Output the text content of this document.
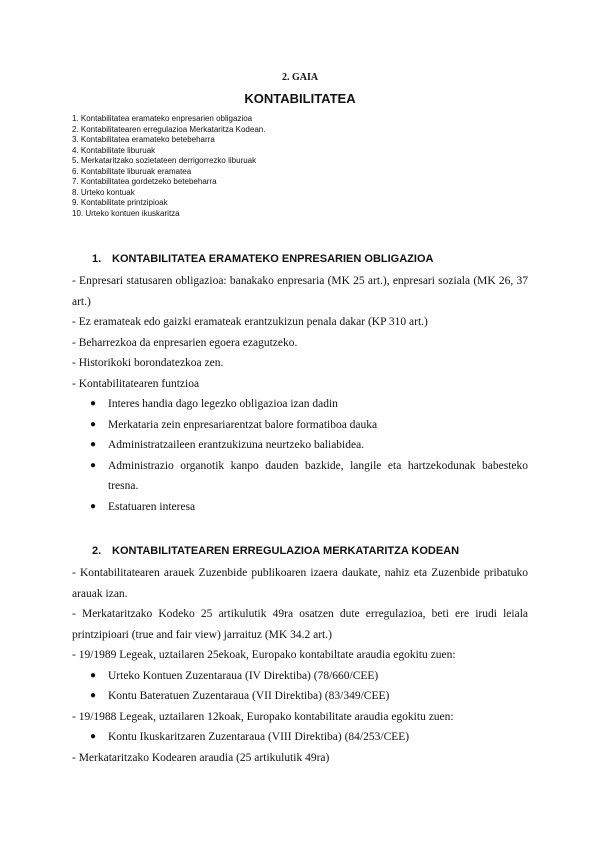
2. GAIA
KONTABILITATEA
1. Kontabilitatea eramateko enpresarien obligazioa
2. Kontabilitatearen erregulazioa Merkataritza Kodean.
3. Kontabilitatea eramateko betebeharra
4. Kontabilitate liburuak
5. Merkataritzako sozietateen derrigorrezko liburuak
6. Kontabilitate liburuak eramatea
7. Kontabilitatea gordetzeko betebeharra
8. Urteko kontuak
9. Kontabilitate printzipioak
10. Urteko kontuen ikuskaritza
1. KONTABILITATEA ERAMATEKO ENPRESARIEN OBLIGAZIOA

- Enpresari statusaren obligazioa: banakako enpresaria (MK 25 art.), enpresari soziala (MK 26, 37 art.)

- Ez eramateak edo gaizki eramateak erantzukizun penala dakar (KP 310 art.)

- Beharrezkoa da enpresarien egoera ezagutzeko.

- Historikoki borondatezkoa zen.

- Kontabilitatearen funtzioa

● Interes handia dago legezko obligazioa izan dadin
● Merkataria zein enpresariarentzat balore formatiboa dauka
● Administratzaileen erantzukizuna neurtzeko baliabidea.
● Administrazio organotik kanpo dauden bazkide, langile eta hartzekodunak babesteko tresna.
● Estatuaren interesa
2. KONTABILITATEAREN ERREGULAZIOA MERKATARITZA KODEAN

- Kontabilitatearen arauek Zuzenbide publikoaren izaera daukate, nahiz eta Zuzenbide pribatuko arauak izan.

- Merkataritzako Kodeko 25 artikulutik 49ra osatzen dute erregulazioa, beti ere irudi leiala printzipioari (true and fair view) jarraituz (MK 34.2 art.)

- 19/1989 Legeak, uztailaren 25ekoak, Europako kontabiltate araudia egokitu zuen:

● Urteko Kontuen Zuzentaraua (IV Direktiba) (78/660/CEE)
● Kontu Bateratuen Zuzentaraua (VII Direktiba) (83/349/CEE)

- 19/1988 Legeak, uztailaren 12koak, Europako kontabilitate araudia egokitu zuen:

● Kontu Ikuskaritzaren Zuzentaraua (VIII Direktiba) (84/253/CEE)

- Merkataritzako Kodearen araudia (25 artikulutik 49ra)
